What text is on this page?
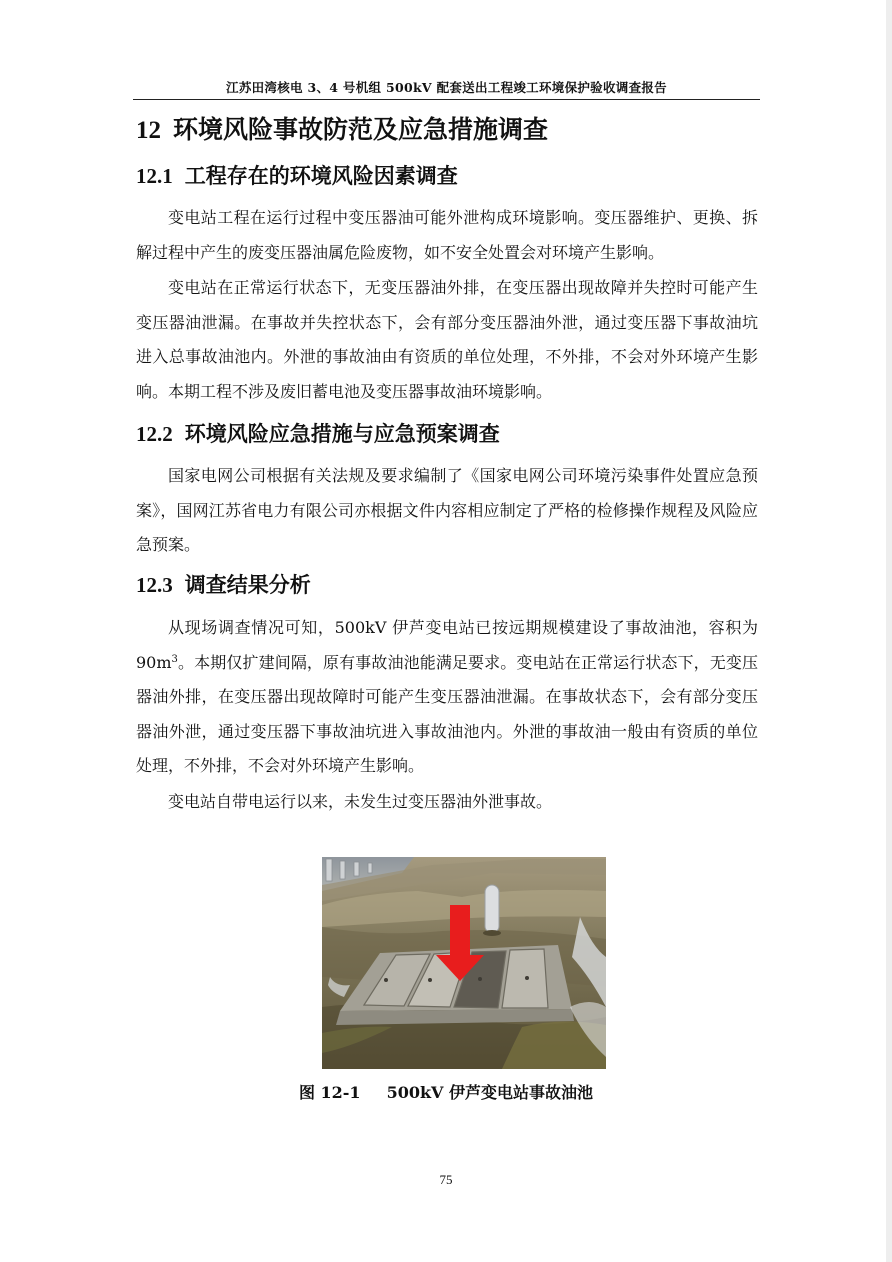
江苏田湾核电 3、4 号机组 500kV 配套送出工程竣工环境保护验收调查报告
12 环境风险事故防范及应急措施调查
12.1 工程存在的环境风险因素调查

变电站工程在运行过程中变压器油可能外泄构成环境影响。变压器维护、更换、拆解过程中产生的废变压器油属危险废物，如不安全处置会对环境产生影响。

变电站在正常运行状态下，无变压器油外排，在变压器出现故障并失控时可能产生变压器油泄漏。在事故并失控状态下，会有部分变压器油外泄，通过变压器下事故油坑进入总事故油池内。外泄的事故油由有资质的单位处理，不外排，不会对外环境产生影响。本期工程不涉及废旧蓄电池及变压器事故油环境影响。

12.2 环境风险应急措施与应急预案调查

国家电网公司根据有关法规及要求编制了《国家电网公司环境污染事件处置应急预案》，国网江苏省电力有限公司亦根据文件内容相应制定了严格的检修操作规程及风险应急预案。

12.3 调查结果分析

从现场调查情况可知，500kV 伊芦变电站已按远期规模建设了事故油池，容积为 $90m^3$。本期仅扩建间隔，原有事故油池能满足要求。变电站在正常运行状态下，无变压器油外排，在变压器出现故障时可能产生变压器油泄漏。在事故状态下，会有部分变压器油外泄，通过变压器下事故油坑进入事故油池内。外泄的事故油一般由有资质的单位处理，不外排，不会对外环境产生影响。

变电站自带电运行以来，未发生过变压器油外泄事故。

图 12-1 500kV 伊芦变电站事故油池
75
